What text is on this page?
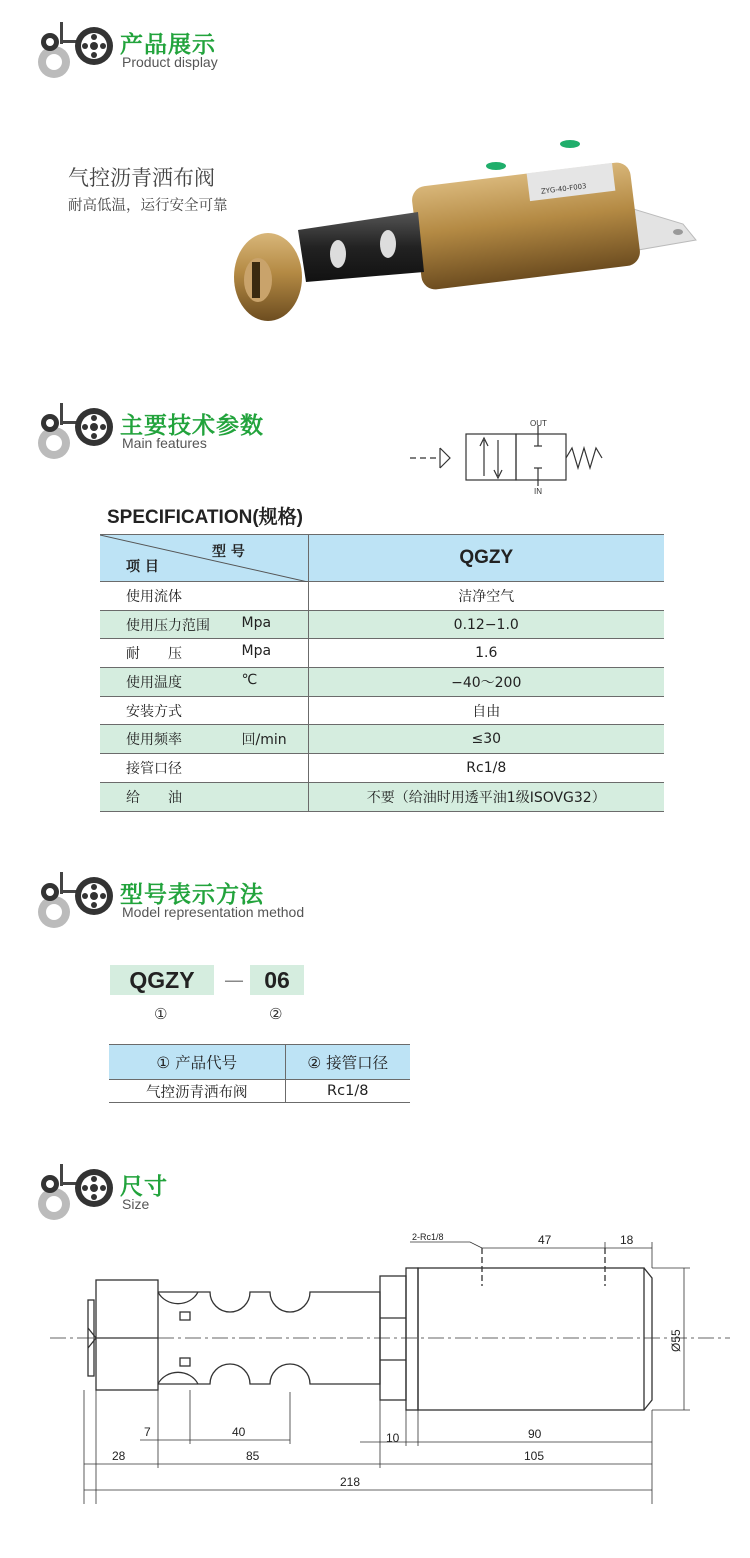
产品展示
Product display
气控沥青洒布阀
耐高低温，运行安全可靠
ZYG-40-F003
主要技术参数
Main features
OUT
IN
SPECIFICATION(规格)
型 号
项 目	QGZY

使用流体	洁净空气

使用压力范围 Mpa	0.12−1.0

耐　　压 Mpa	1.6

使用温度 ℃	−40～200

安装方式	自由

使用频率 回/min	≤30

接管口径	Rc1/8

给　　油	不要（给油时用透平油1级ISOVG32）
型号表示方法
Model representation method
QGZY	— 06
①	②
① 产品代号	② 接管口径
气控沥青洒布阀	Rc1/8
尺寸
Size
2-Rc1/8	47	18
Ø55
7	40	10	90
28	85	105
218
